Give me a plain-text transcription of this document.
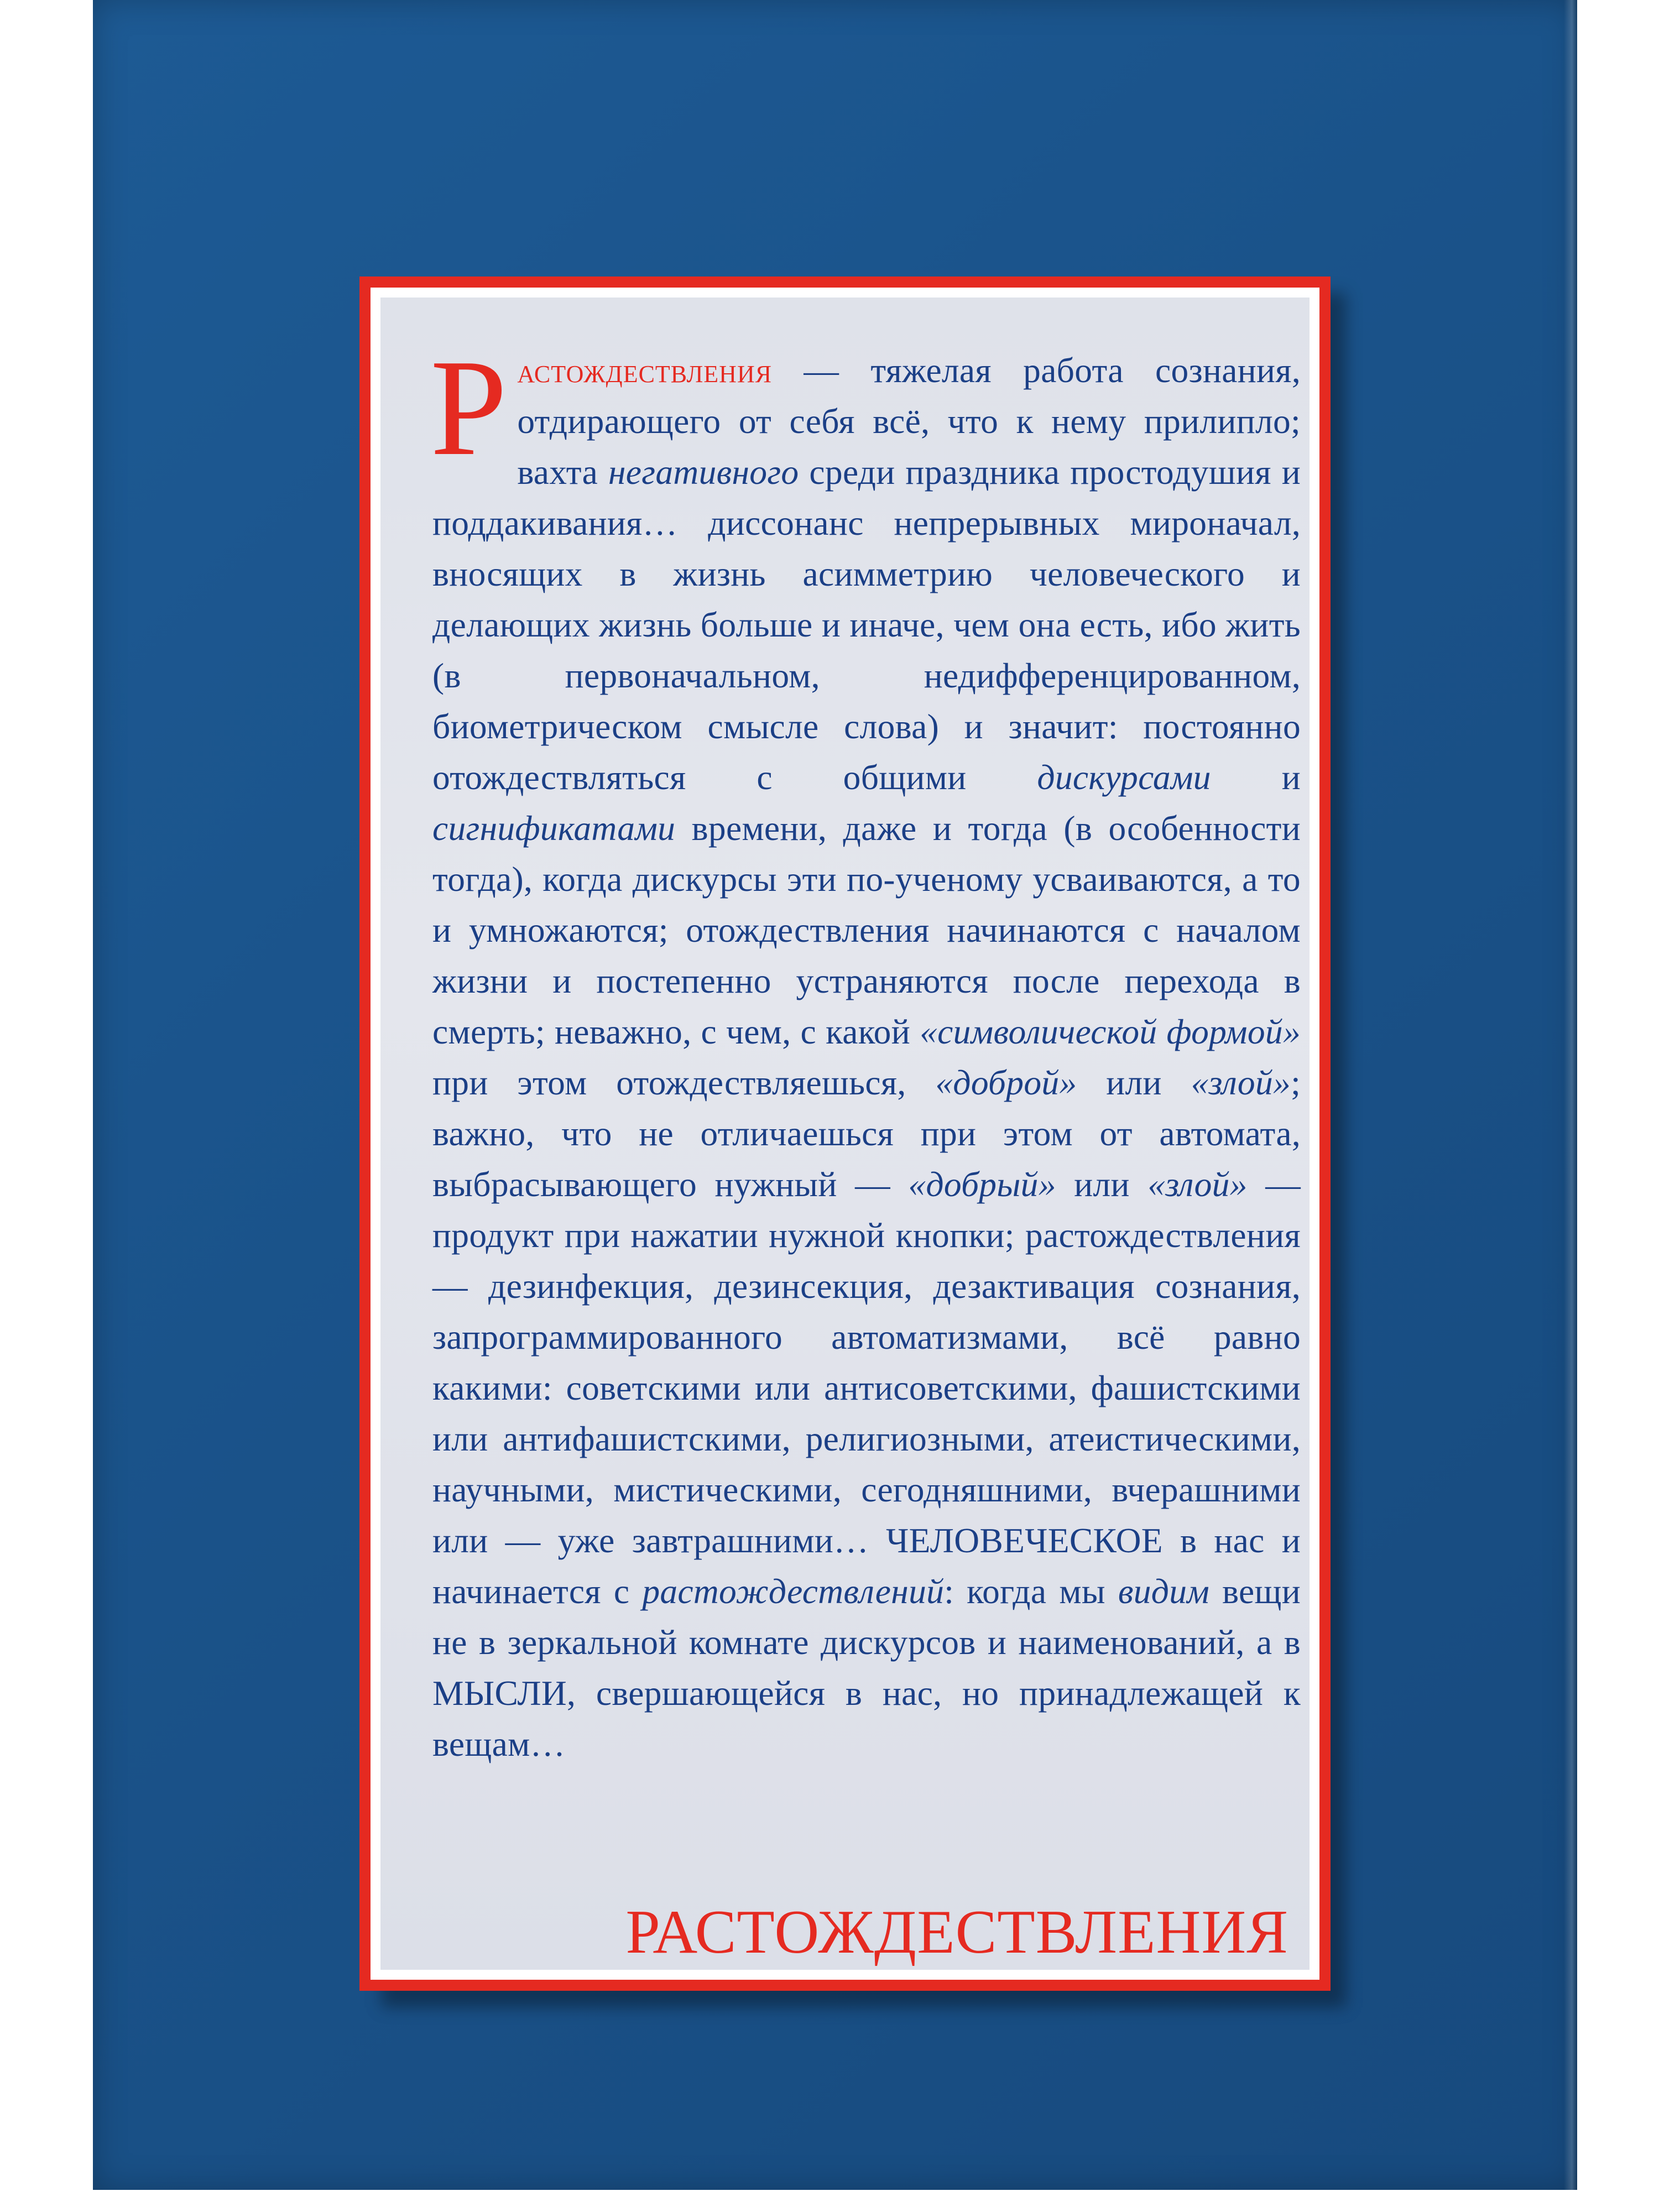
Растождествления — тяжелая работа сознания, отдирающего от себя всё, что к нему прилипло; вахта негативного среди праздника простодушия и поддакивания… диссонанс непрерывных мироначал, вносящих в жизнь асимметрию человеческого и делающих жизнь больше и иначе, чем она есть, ибо жить (в первоначальном, недифференцированном, биометрическом смысле слова) и значит: постоянно отождествляться с общими дискурсами и сигнификатами времени, даже и тогда (в особенности тогда), когда дискурсы эти по-ученому усваиваются, а то и умножаются; отождествления начинаются с началом жизни и постепенно устраняются после перехода в смерть; неважно, с чем, с какой «символической формой» при этом отождествляешься, «доброй» или «злой»; важно, что не отличаешься при этом от автомата, выбрасывающего нужный — «добрый» или «злой» — продукт при нажатии нужной кнопки; растождествления — дезинфекция, дезинсекция, дезактивация сознания, запрограммированного автоматизмами, всё равно какими: советскими или антисоветскими, фашистскими или антифашистскими, религиозными, атеистическими, научными, мистическими, сегодняшними, вчерашними или — уже завтрашними… ЧЕЛОВЕЧЕСКОЕ в нас и начинается с растождествлений: когда мы видим вещи не в зеркальной комнате дискурсов и наименований, а в МЫСЛИ, свершающейся в нас, но принадлежащей к вещам…

РАСТОЖДЕСТВЛЕНИЯ
